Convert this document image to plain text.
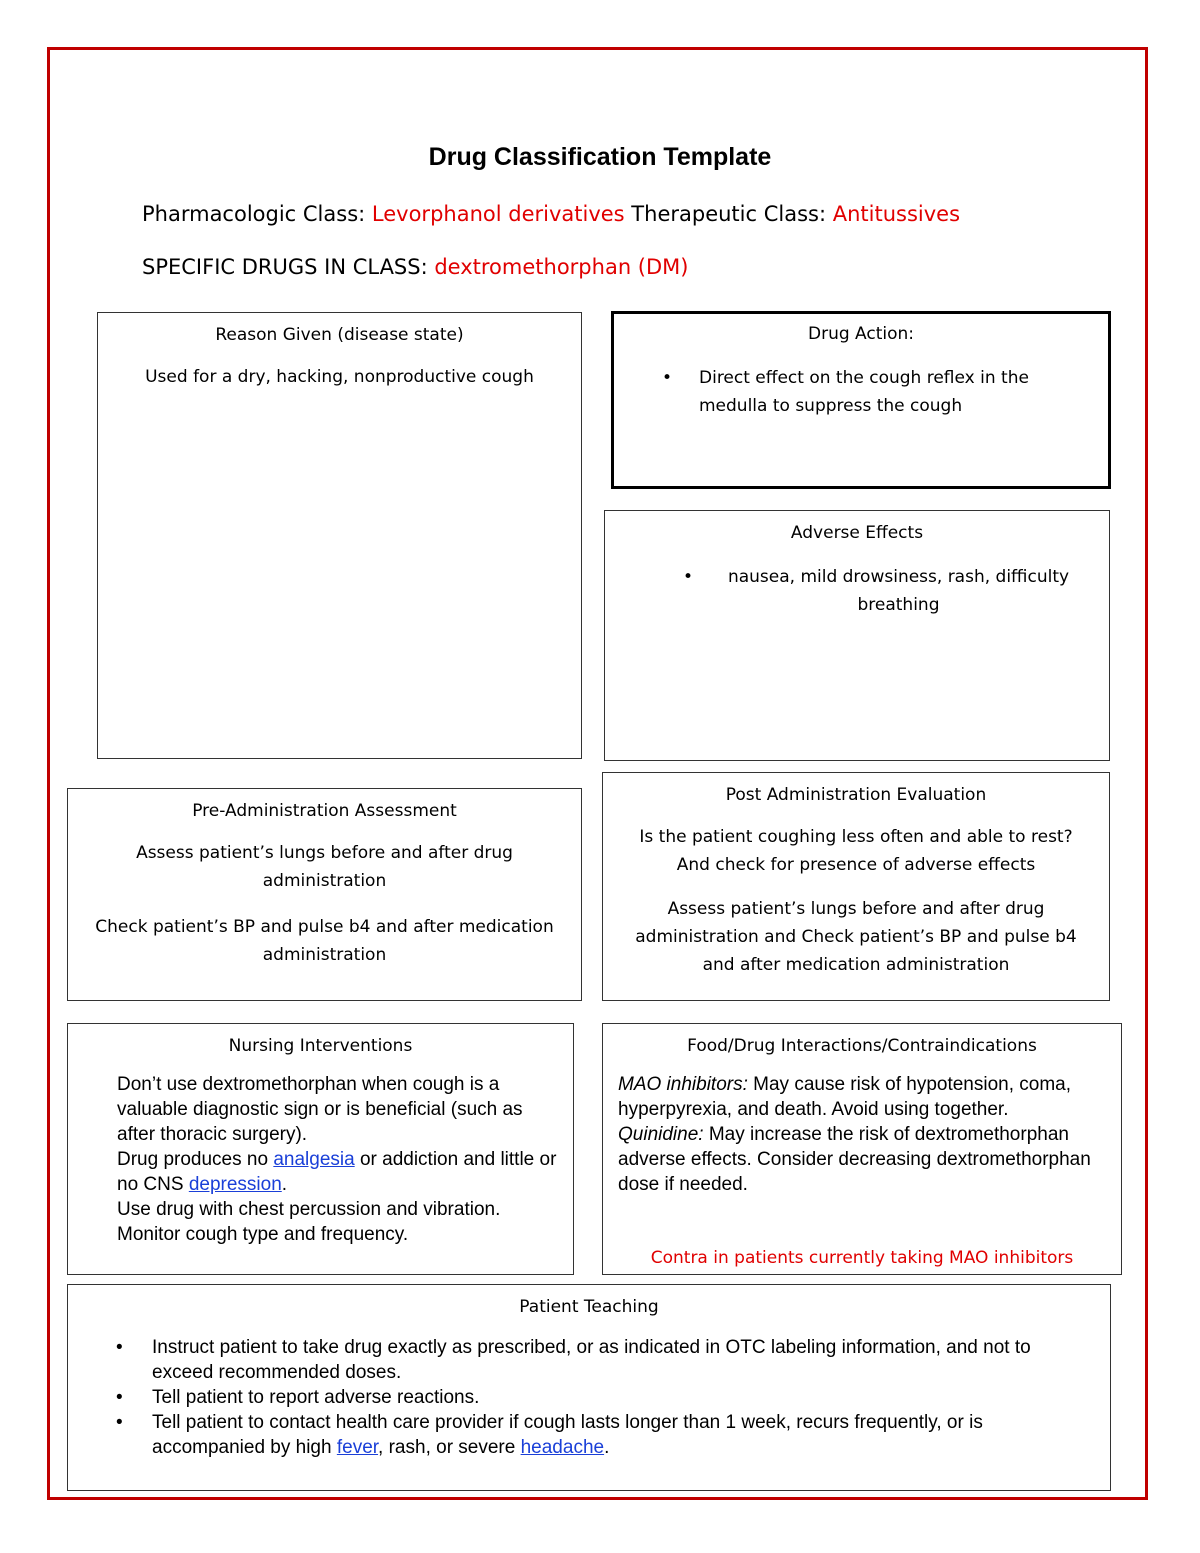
Drug Classification Template
Pharmacologic Class: Levorphanol derivatives Therapeutic Class: Antitussives
SPECIFIC DRUGS IN CLASS: dextromethorphan (DM)
Reason Given (disease state)

Used for a dry, hacking, nonproductive cough

Drug Action:
•	Direct effect on the cough reflex in the medulla to suppress the cough
Adverse Effects
•	nausea, mild drowsiness, rash, difficulty breathing
Pre-Administration Assessment

Assess patient’s lungs before and after drug administration

Check patient’s BP and pulse b4 and after medication administration

Post Administration Evaluation

Is the patient coughing less often and able to rest? And check for presence of adverse effects

Assess patient’s lungs before and after drug administration and Check patient’s BP and pulse b4 and after medication administration

Nursing Interventions
Don’t use dextromethorphan when cough is a valuable diagnostic sign or is beneficial (such as after thoracic surgery).
Drug produces no analgesia or addiction and little or no CNS depression.
Use drug with chest percussion and vibration.
Monitor cough type and frequency.
Food/Drug Interactions/Contraindications
MAO inhibitors: May cause risk of hypotension, coma, hyperpyrexia, and death. Avoid using together.
Quinidine: May increase the risk of dextromethorphan adverse effects. Consider decreasing dextromethorphan dose if needed.
Contra in patients currently taking MAO inhibitors
Patient Teaching
•	Instruct patient to take drug exactly as prescribed, or as indicated in OTC labeling information, and not to exceed recommended doses.
•	Tell patient to report adverse reactions.
•	Tell patient to contact health care provider if cough lasts longer than 1 week, recurs frequently, or is accompanied by high fever, rash, or severe headache.
